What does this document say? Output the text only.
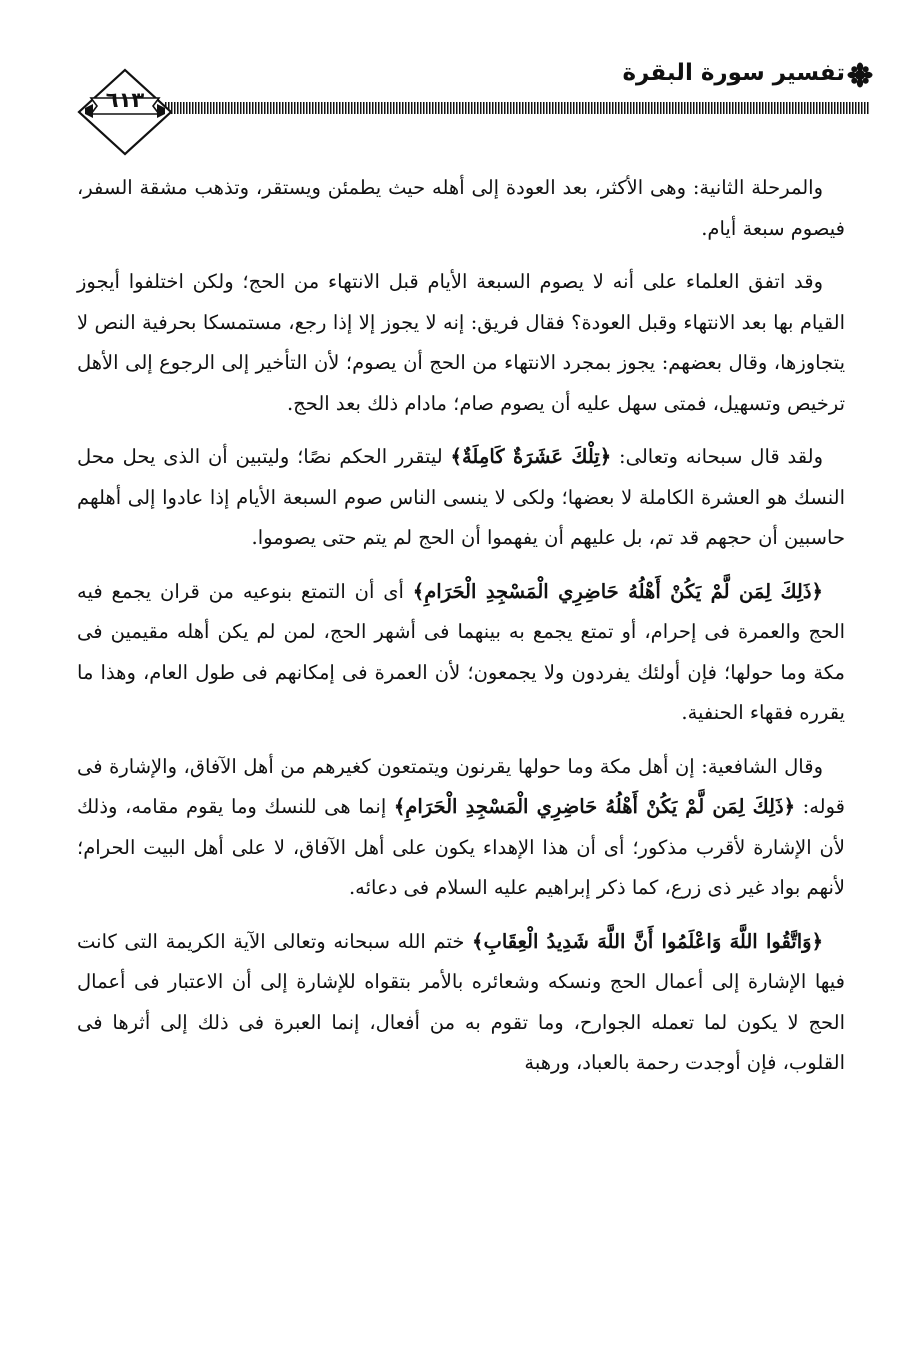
تفسير سورة البقرة
٦١٣

والمرحلة الثانية: وهى الأكثر، بعد العودة إلى أهله حيث يطمئن ويستقر، وتذهب مشقة السفر، فيصوم سبعة أيام.

وقد اتفق العلماء على أنه لا يصوم السبعة الأيام قبل الانتهاء من الحج؛ ولكن اختلفوا أيجوز القيام بها بعد الانتهاء وقبل العودة؟ فقال فريق: إنه لا يجوز إلا إذا رجع، مستمسكا بحرفية النص لا يتجاوزها، وقال بعضهم: يجوز بمجرد الانتهاء من الحج أن يصوم؛ لأن التأخير إلى الرجوع إلى الأهل ترخيص وتسهيل، فمتى سهل عليه أن يصوم صام؛ مادام ذلك بعد الحج.

ولقد قال سبحانه وتعالى: ﴿تِلْكَ عَشَرَةٌ كَامِلَةٌ﴾ ليتقرر الحكم نصًا؛ وليتبين أن الذى يحل محل النسك هو العشرة الكاملة لا بعضها؛ ولكى لا ينسى الناس صوم السبعة الأيام إذا عادوا إلى أهلهم حاسبين أن حجهم قد تم، بل عليهم أن يفهموا أن الحج لم يتم حتى يصوموا.

﴿ذَلِكَ لِمَن لَّمْ يَكُنْ أَهْلُهُ حَاضِرِي الْمَسْجِدِ الْحَرَامِ﴾ أى أن التمتع بنوعيه من قران يجمع فيه الحج والعمرة فى إحرام، أو تمتع يجمع به بينهما فى أشهر الحج، لمن لم يكن أهله مقيمين فى مكة وما حولها؛ فإن أولئك يفردون ولا يجمعون؛ لأن العمرة فى إمكانهم فى طول العام، وهذا ما يقرره فقهاء الحنفية.

وقال الشافعية: إن أهل مكة وما حولها يقرنون ويتمتعون كغيرهم من أهل الآفاق، والإشارة فى قوله: ﴿ذَلِكَ لِمَن لَّمْ يَكُنْ أَهْلُهُ حَاضِرِي الْمَسْجِدِ الْحَرَامِ﴾ إنما هى للنسك وما يقوم مقامه، وذلك لأن الإشارة لأقرب مذكور؛ أى أن هذا الإهداء يكون على أهل الآفاق، لا على أهل البيت الحرام؛ لأنهم بواد غير ذى زرع، كما ذكر إبراهيم عليه السلام فى دعائه.

﴿وَاتَّقُوا اللَّهَ وَاعْلَمُوا أَنَّ اللَّهَ شَدِيدُ الْعِقَابِ﴾ ختم الله سبحانه وتعالى الآية الكريمة التى كانت فيها الإشارة إلى أعمال الحج ونسكه وشعائره بالأمر بتقواه للإشارة إلى أن الاعتبار فى أعمال الحج لا يكون لما تعمله الجوارح، وما تقوم به من أفعال، إنما العبرة فى ذلك إلى أثرها فى القلوب، فإن أوجدت رحمة بالعباد، ورهبة
